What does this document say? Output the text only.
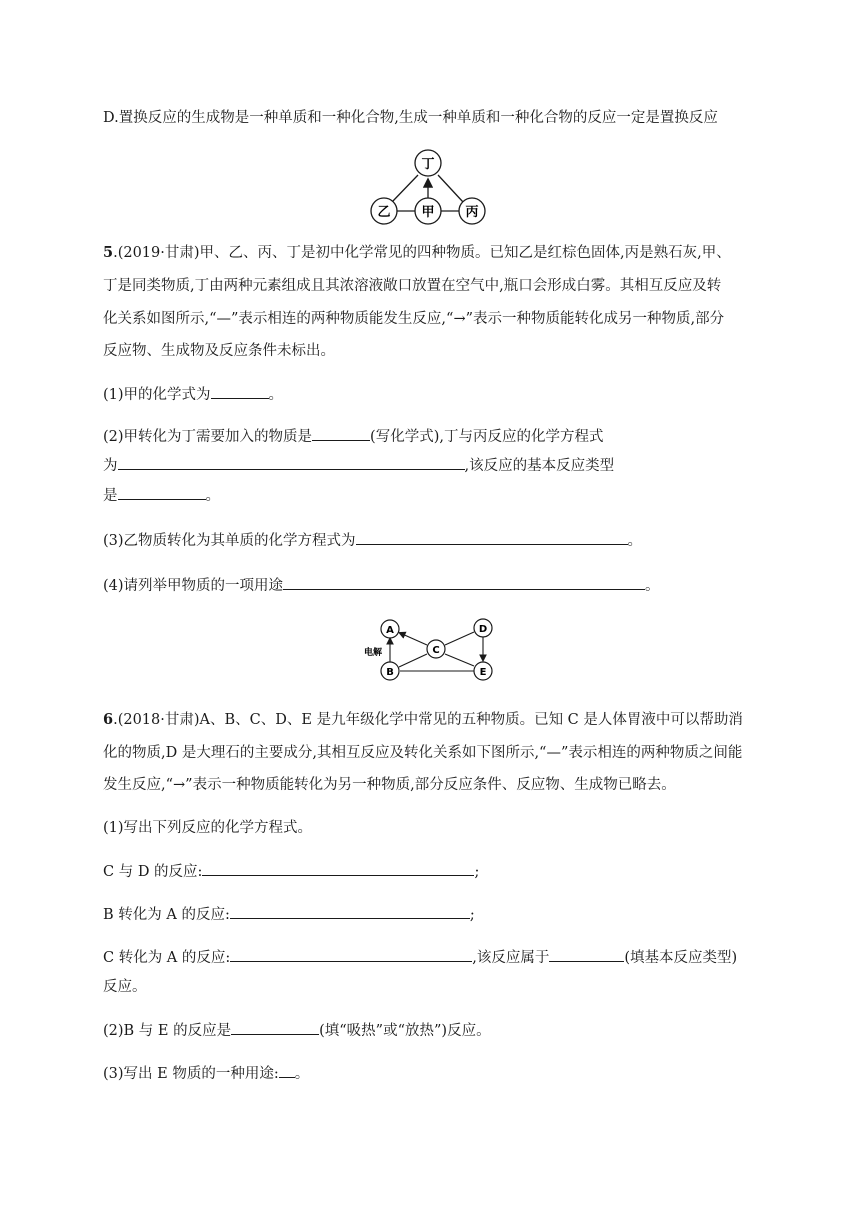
D.置换反应的生成物是一种单质和一种化合物,生成一种单质和一种化合物的反应一定是置换反应
丁
乙 甲 丙
5.(2019·甘肃)甲、乙、丙、丁是初中化学常见的四种物质。已知乙是红棕色固体,丙是熟石灰,甲、
丁是同类物质,丁由两种元素组成且其浓溶液敞口放置在空气中,瓶口会形成白雾。其相互反应及转
化关系如图所示,“—”表示相连的两种物质能发生反应,“→”表示一种物质能转化成另一种物质,部分
反应物、生成物及反应条件未标出。
(1)甲的化学式为	。
(2)甲转化为丁需要加入的物质是	(写化学式),丁与丙反应的化学方程式
为	,该反应的基本反应类型
是	。
(3)乙物质转化为其单质的化学方程式为	。
(4)请列举甲物质的一项用途	。
电解
A
B
C
D
E
6.(2018·甘肃)A、B、C、D、E 是九年级化学中常见的五种物质。已知 C 是人体胃液中可以帮助消
化的物质,D 是大理石的主要成分,其相互反应及转化关系如下图所示,“—”表示相连的两种物质之间能
发生反应,“→”表示一种物质能转化为另一种物质,部分反应条件、反应物、生成物已略去。
(1)写出下列反应的化学方程式。
C 与 D 的反应:	;
B 转化为 A 的反应:	;
C 转化为 A 的反应:	,该反应属于	(填基本反应类型)
反应。
(2)B 与 E 的反应是	(填“吸热”或“放热”)反应。
(3)写出 E 物质的一种用途: 。
